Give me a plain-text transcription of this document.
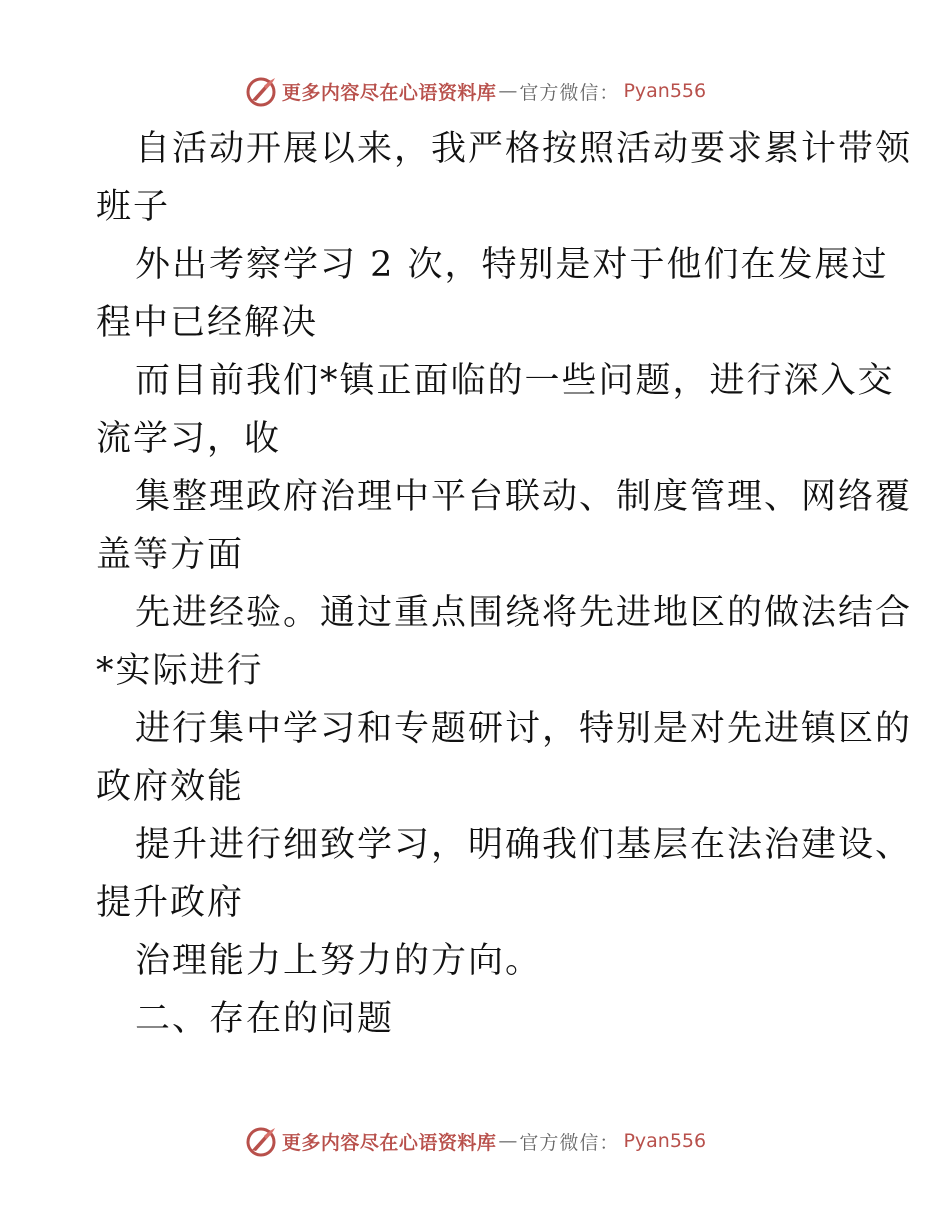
更多内容尽在心语资料库 — 官方微信： Pyan556
自活动开展以来，我严格按照活动要求累计带领
班子
外出考察学习 2 次，特别是对于他们在发展过
程中已经解决
而目前我们*镇正面临的一些问题，进行深入交
流学习，收
集整理政府治理中平台联动、制度管理、网络覆
盖等方面
先进经验。通过重点围绕将先进地区的做法结合
*实际进行
进行集中学习和专题研讨，特别是对先进镇区的
政府效能
提升进行细致学习，明确我们基层在法治建设、
提升政府
治理能力上努力的方向。
二、存在的问题
更多内容尽在心语资料库 — 官方微信： Pyan556
